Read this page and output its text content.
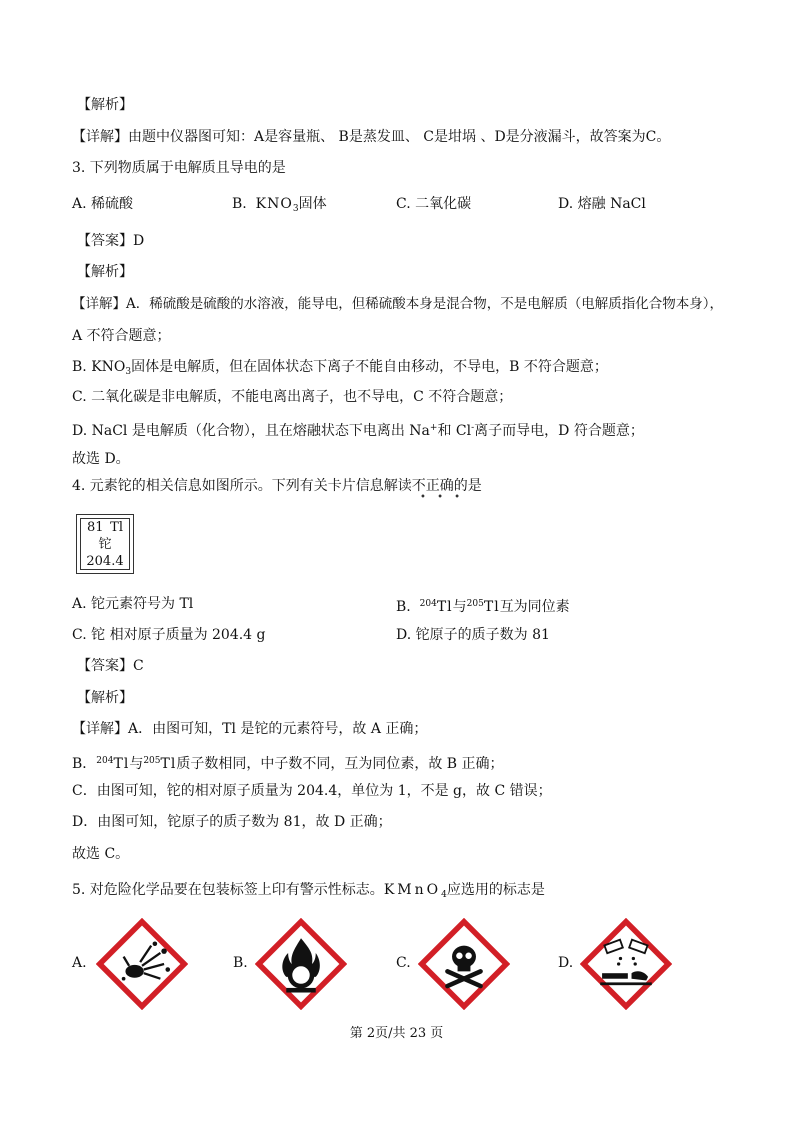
【解析】
【详解】由题中仪器图可知：A是容量瓶、 B是蒸发皿、 C是坩埚 、D是分液漏斗，故答案为C。
3. 下列物质属于电解质且导电的是
A. 稀硫酸	B. $KNO_3$固体	C. 二氧化碳	D. 熔融 NaCl
【答案】D
【解析】
【详解】A．稀硫酸是硫酸的水溶液，能导电，但稀硫酸本身是混合物，不是电解质（电解质指化合物本身），
A 不符合题意；
B. $KNO_3$固体是电解质，但在固体状态下离子不能自由移动，不导电，B 不符合题意；
C. 二氧化碳是非电解质，不能电离出离子，也不导电，C 不符合题意；
D. NaCl 是电解质（化合物），且在熔融状态下电离出 Na+和 Cl-离子而导电，D 符合题意；
故选 D。
4. 元素铊的相关信息如图所示。下列有关卡片信息解读不正确的是
• • •
81 Tl
铊
204.4
A. 铊元素符号为 Tl	B. $^{204}$Tl与$^{205}$Tl互为同位素
C. 铊 相对原子质量为 204.4 g	D. 铊原子的质子数为 81
【答案】C
【解析】
【详解】A．由图可知，Tl 是铊的元素符号，故 A 正确；
B．$^{204}$Tl与$^{205}$Tl质子数相同，中子数不同，互为同位素，故 B 正确；
C．由图可知，铊的相对原子质量为 204.4，单位为 1，不是 g，故 C 错误；
D．由图可知，铊原子的质子数为 81，故 D 正确；
故选 C。
5. 对危险化学品要在包装标签上印有警示性标志。KMnO$_4$应选用的标志是
A.	B.	C.	D.
第 2页/共 23 页
